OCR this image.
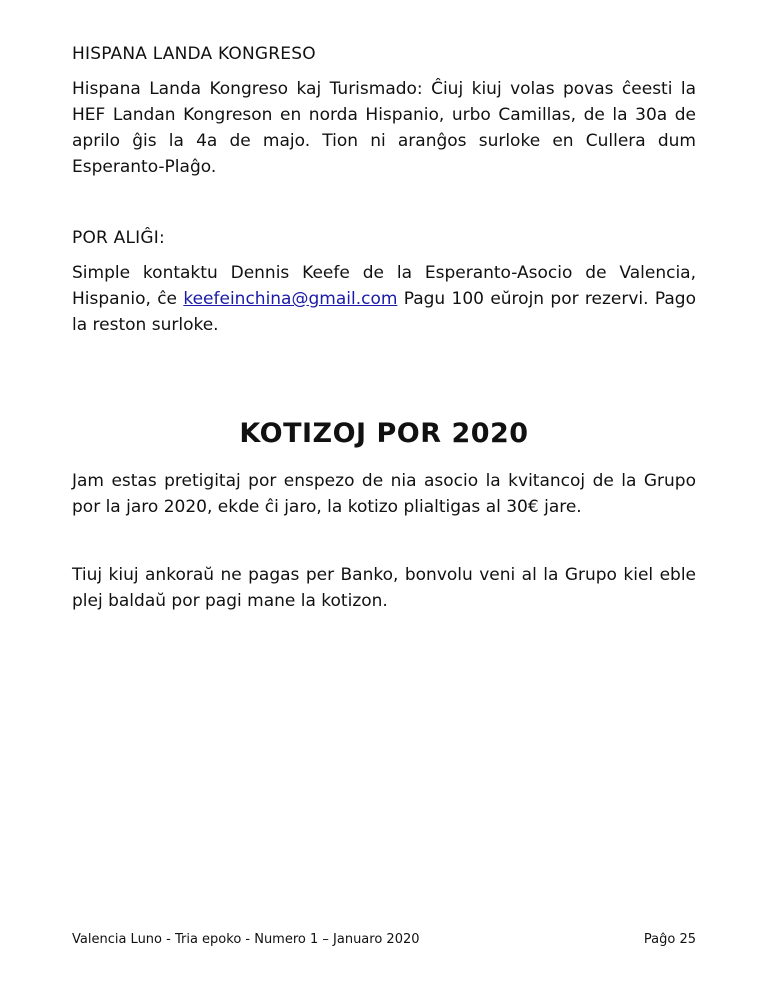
HISPANA LANDA KONGRESO

Hispana Landa Kongreso kaj Turismado: Ĉiuj kiuj volas povas ĉeesti la HEF Landan Kongreson en norda Hispanio, urbo Camillas, de la 30a de aprilo ĝis la 4a de majo. Tion ni aranĝos surloke en Cullera dum Esperanto-Plaĝo.

POR ALIĜI:

Simple kontaktu Dennis Keefe de la Esperanto-Asocio de Valencia, Hispanio, ĉe keefeinchina@gmail.com Pagu 100 eŭrojn por rezervi. Pago la reston surloke.

KOTIZOJ POR 2020

Jam estas pretigitaj por enspezo de nia asocio la kvitancoj de la Grupo por la jaro 2020, ekde ĉi jaro, la kotizo plialtigas al 30€ jare.

Tiuj kiuj ankoraŭ ne pagas per Banko, bonvolu veni al la Grupo kiel eble plej baldaŭ por pagi mane la kotizon.

Valencia Luno - Tria epoko - Numero 1 – Januaro 2020	Paĝo 25
